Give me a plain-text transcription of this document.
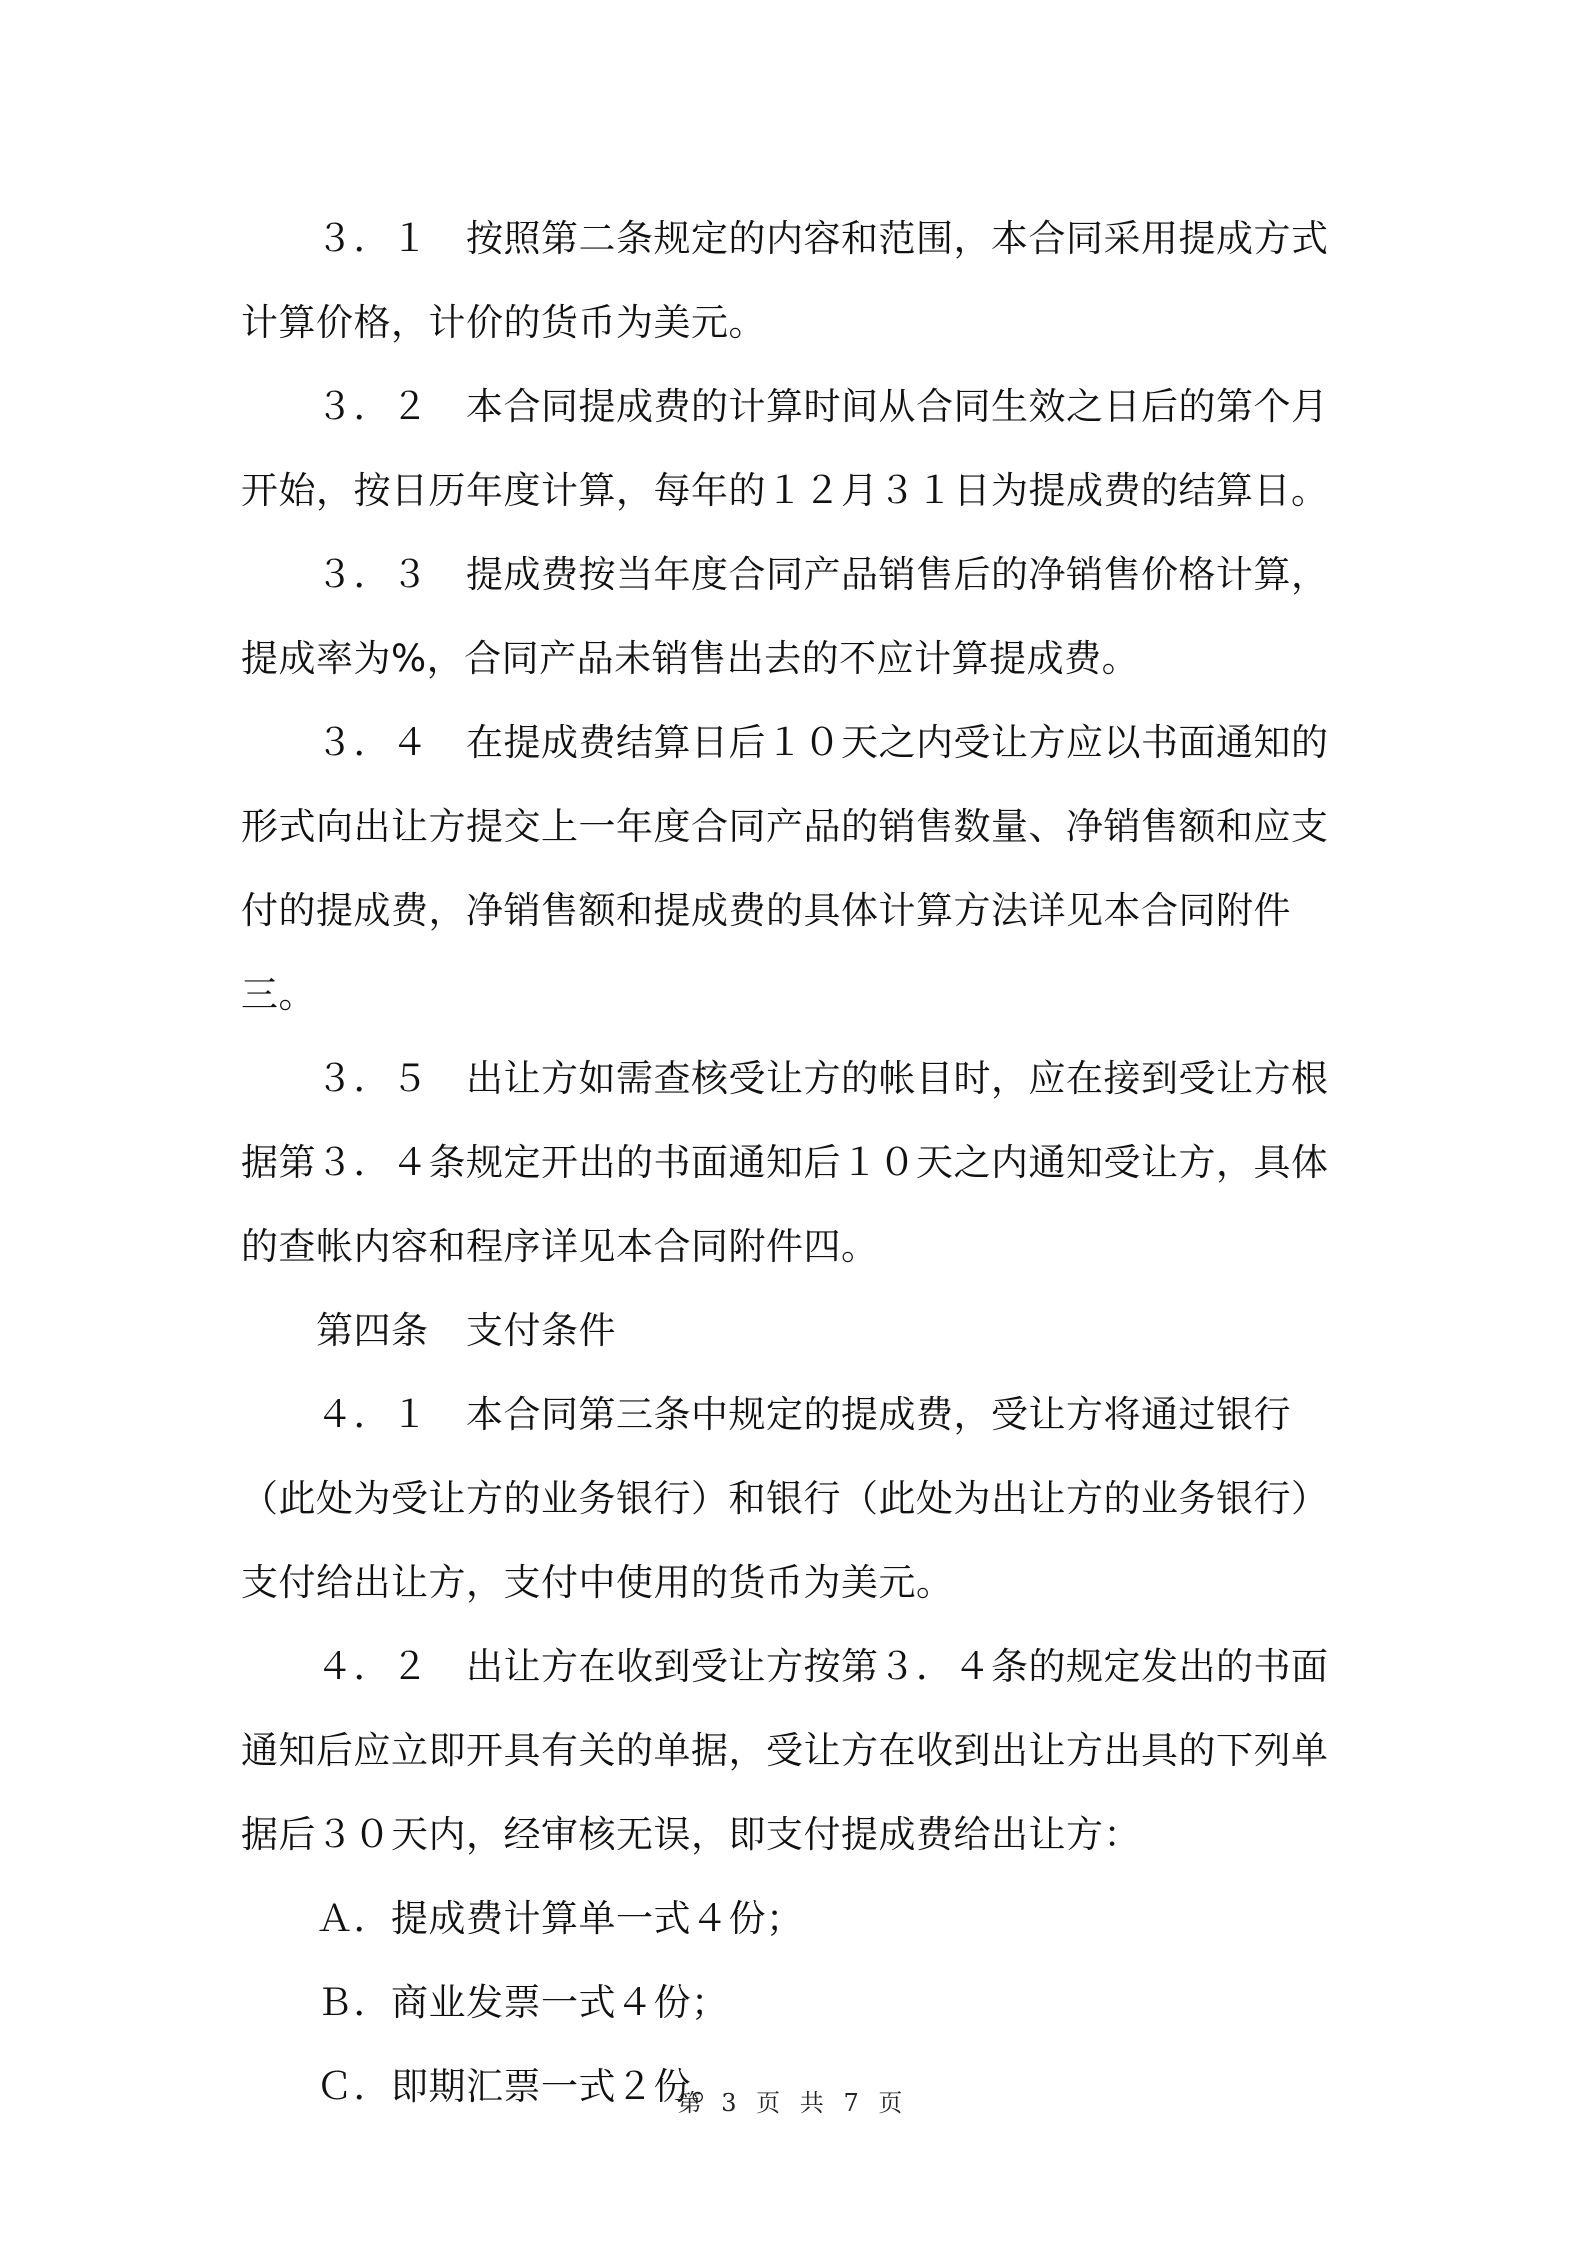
３．１　按照第二条规定的内容和范围，本合同采用提成方式计算价格，计价的货币为美元。

３．２　本合同提成费的计算时间从合同生效之日后的第个月开始，按日历年度计算，每年的１２月３１日为提成费的结算日。

３．３　提成费按当年度合同产品销售后的净销售价格计算，提成率为%，合同产品未销售出去的不应计算提成费。

３．４　在提成费结算日后１０天之内受让方应以书面通知的形式向出让方提交上一年度合同产品的销售数量、净销售额和应支付的提成费，净销售额和提成费的具体计算方法详见本合同附件三。

３．５　出让方如需查核受让方的帐目时，应在接到受让方根据第３．４条规定开出的书面通知后１０天之内通知受让方，具体的查帐内容和程序详见本合同附件四。

第四条　支付条件

４．１　本合同第三条中规定的提成费，受让方将通过银行（此处为受让方的业务银行）和银行（此处为出让方的业务银行）支付给出让方，支付中使用的货币为美元。

４．２　出让方在收到受让方按第３．４条的规定发出的书面通知后应立即开具有关的单据，受让方在收到出让方出具的下列单据后３０天内，经审核无误，即支付提成费给出让方：

Ａ．提成费计算单一式４份；

Ｂ．商业发票一式４份；

Ｃ．即期汇票一式２份。

第 3 页 共 7 页
